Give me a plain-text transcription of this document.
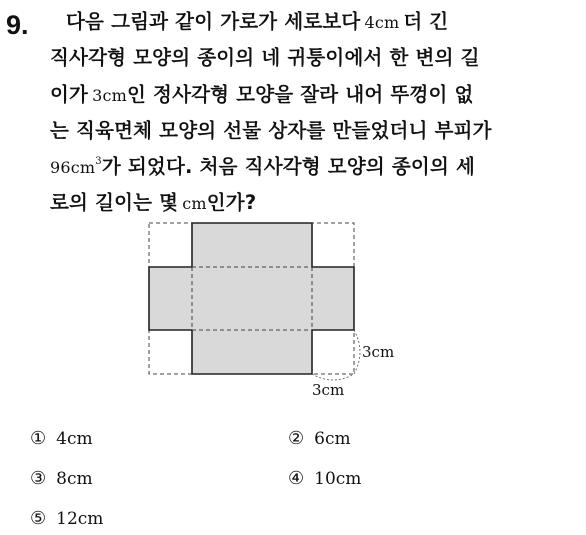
9. 다음 그림과 같이 가로가 세로보다 4cm 더 긴
직사각형 모양의 종이의 네 귀퉁이에서 한 변의 길
이가 3cm인 정사각형 모양을 잘라 내어 뚜껑이 없
는 직육면체 모양의 선물 상자를 만들었더니 부피가
$96cm^3$가 되었다. 처음 직사각형 모양의 종이의 세
로의 길이는 몇 cm인가?
3cm
3cm
① 4cm	② 6cm
③ 8cm	④ 10cm
⑤ 12cm
